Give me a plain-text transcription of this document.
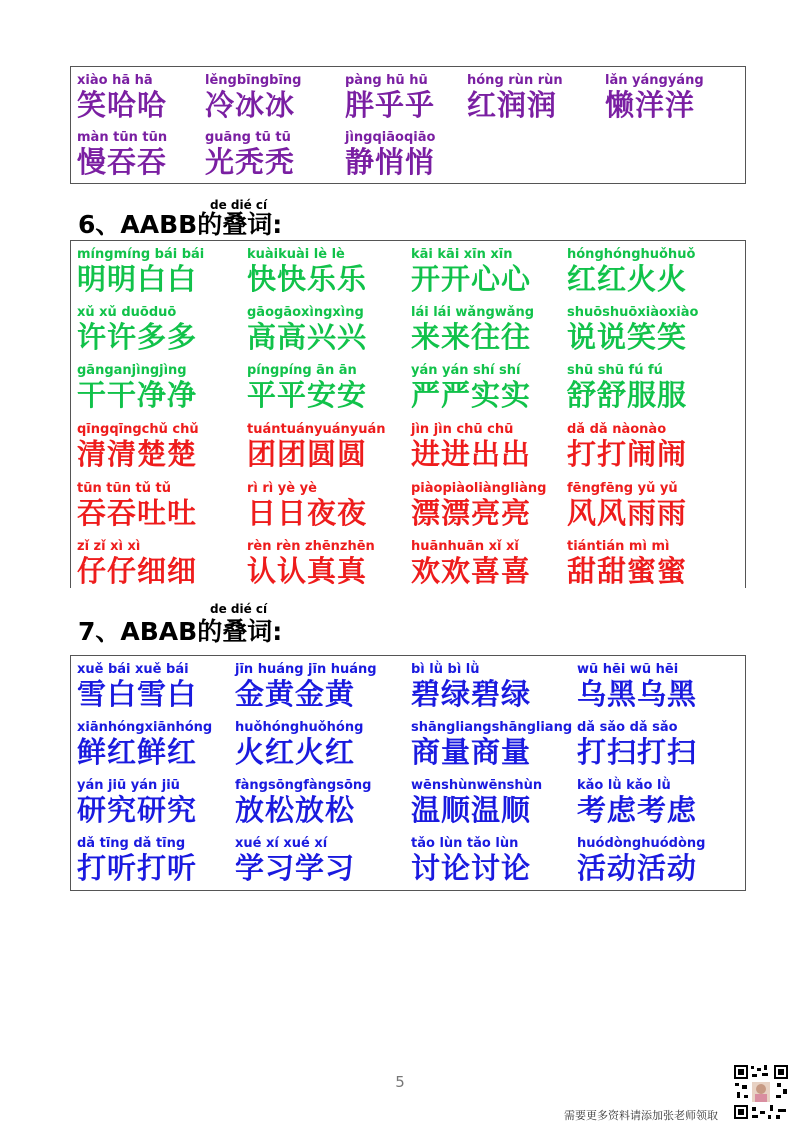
xiào hā hā
笑哈哈
lěngbīngbīng
冷冰冰
pàng hū hū
胖乎乎
hóng rùn rùn
红润润
lǎn yángyáng
懒洋洋
màn tūn tūn
慢吞吞
guāng tū tū
光秃秃
jìngqiāoqiāo
静悄悄
de dié cí
6、AABB的叠词:
míngmíng bái bái
明明白白
kuàikuài lè lè
快快乐乐
kāi kāi xīn xīn
开开心心
hónghónghuǒhuǒ
红红火火
xǔ xǔ duōduō
许许多多
gāogāoxìngxìng
高高兴兴
lái lái wǎngwǎng
来来往往
shuōshuōxiàoxiào
说说笑笑
gānganjìngjìng
干干净净
píngpíng ān ān
平平安安
yán yán shí shí
严严实实
shū shū fú fú
舒舒服服
qīngqīngchǔ chǔ
清清楚楚
tuántuányuányuán
团团圆圆
jìn jìn chū chū
进进出出
dǎ dǎ nàonào
打打闹闹
tūn tūn tǔ tǔ
吞吞吐吐
rì rì yè yè
日日夜夜
piàopiàoliàngliàng
漂漂亮亮
fēngfēng yǔ yǔ
风风雨雨
zǐ zǐ xì xì
仔仔细细
rèn rèn zhēnzhēn
认认真真
huānhuān xǐ xǐ
欢欢喜喜
tiántián mì mì
甜甜蜜蜜
de dié cí
7、ABAB的叠词:
xuě bái xuě bái
雪白雪白
jīn huáng jīn huáng
金黄金黄
bì lǜ bì lǜ
碧绿碧绿
wū hēi wū hēi
乌黑乌黑
xiānhóngxiānhóng
鲜红鲜红
huǒhónghuǒhóng
火红火红
shāngliangshāngliang
商量商量
dǎ sǎo dǎ sǎo
打扫打扫
yán jiū yán jiū
研究研究
fàngsōngfàngsōng
放松放松
wēnshùnwēnshùn
温顺温顺
kǎo lǜ kǎo lǜ
考虑考虑
dǎ tīng dǎ tīng
打听打听
xué xí xué xí
学习学习
tǎo lùn tǎo lùn
讨论讨论
huódònghuódòng
活动活动
5
需要更多资料请添加张老师领取
